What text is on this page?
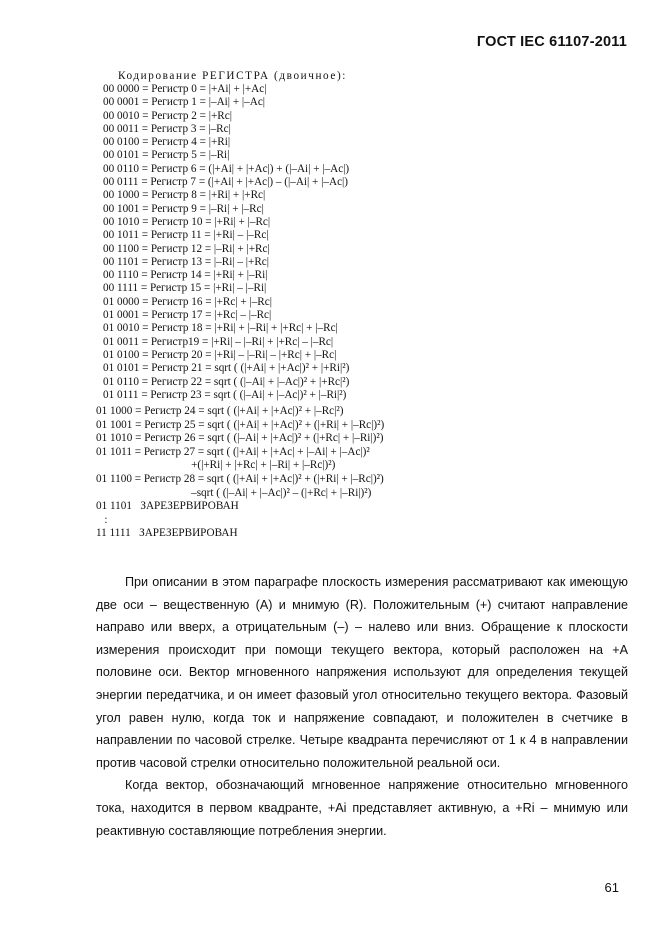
ГОСТ IEC 61107-2011
Кодирование РЕГИСТРА (двоичное):
00 0000 = Регистр 0 = |+Ai| + |+Ac|
00 0001 = Регистр 1 = |–Ai| + |–Ac|
00 0010 = Регистр 2 = |+Rc|
00 0011 = Регистр 3 = |–Rc|
00 0100 = Регистр 4 = |+Ri|
00 0101 = Регистр 5 = |–Ri|
00 0110 = Регистр 6 = (|+Ai| + |+Ac|) + (|–Ai| + |–Ac|)
00 0111 = Регистр 7 = (|+Ai| + |+Ac|) – (|–Ai| + |–Ac|)
00 1000 = Регистр 8 = |+Ri| + |+Rc|
00 1001 = Регистр 9 = |–Ri| + |–Rc|
00 1010 = Регистр 10 = |+Ri| + |–Rc|
00 1011 = Регистр 11 = |+Ri| – |–Rc|
00 1100 = Регистр 12 = |–Ri| + |+Rc|
00 1101 = Регистр 13 = |–Ri| – |+Rc|
00 1110 = Регистр 14 = |+Ri| + |–Ri|
00 1111 = Регистр 15 = |+Ri| – |–Ri|
01 0000 = Регистр 16 = |+Rc| + |–Rc|
01 0001 = Регистр 17 = |+Rc| – |–Rc|
01 0010 = Регистр 18 = |+Ri| + |–Ri| + |+Rc| + |–Rc|
01 0011 = Регистр19 = |+Ri| – |–Ri| + |+Rc| – |–Rc|
01 0100 = Регистр 20 = |+Ri| – |–Ri| – |+Rc| + |–Rc|
01 0101 = Регистр 21 = sqrt ( (|+Ai| + |+Ac|)² + |+Ri|²)
01 0110 = Регистр 22 = sqrt ( (|–Ai| + |–Ac|)² + |+Rc|²)
01 0111 = Регистр 23 = sqrt ( (|–Ai| + |–Ac|)² + |–Ri|²)
01 1000 = Регистр 24 = sqrt ( (|+Ai| + |+Ac|)² + |–Rc|²)
01 1001 = Регистр 25 = sqrt ( (|+Ai| + |+Ac|)² + (|+Ri| + |–Rc|)²)
01 1010 = Регистр 26 = sqrt ( (|–Ai| + |+Ac|)² + (|+Rc| + |–Ri|)²)
01 1011 = Регистр 27 = sqrt ( (|+Ai| + |+Ac| + |–Ai| + |–Ac|)²
+(|+Ri| + |+Rc| + |–Ri| + |–Rc|)²)
01 1100 = Регистр 28 = sqrt ( (|+Ai| + |+Ac|)² + (|+Ri| + |–Rc|)²)
–sqrt ( (|–Ai| + |–Ac|)² – (|+Rc| + |–Ri|)²)
01 1101   ЗАРЕЗЕРВИРОВАН
:
11 1111   ЗАРЕЗЕРВИРОВАН

При описании в этом параграфе плоскость измерения рассматривают как имеющую две оси – вещественную (A) и мнимую (R). Положительным (+) считают направление направо или вверх, а отрицательным (–) – налево или вниз. Обращение к плоскости измерения происходит при помощи текущего вектора, который расположен на +A половине оси. Вектор мгновенного напряжения используют для определения текущей энергии передатчика, и он имеет фазовый угол относительно текущего вектора. Фазовый угол равен нулю, когда ток и напряжение совпадают, и положителен в счетчике в направлении по часовой стрелке. Четыре квадранта перечисляют от 1 к 4 в направлении против часовой стрелки относительно положительной реальной оси.

Когда вектор, обозначающий мгновенное напряжение относительно мгновенного тока, находится в первом квадранте, +Ai представляет активную, а +Ri – мнимую или реактивную составляющие потребления энергии.

61
